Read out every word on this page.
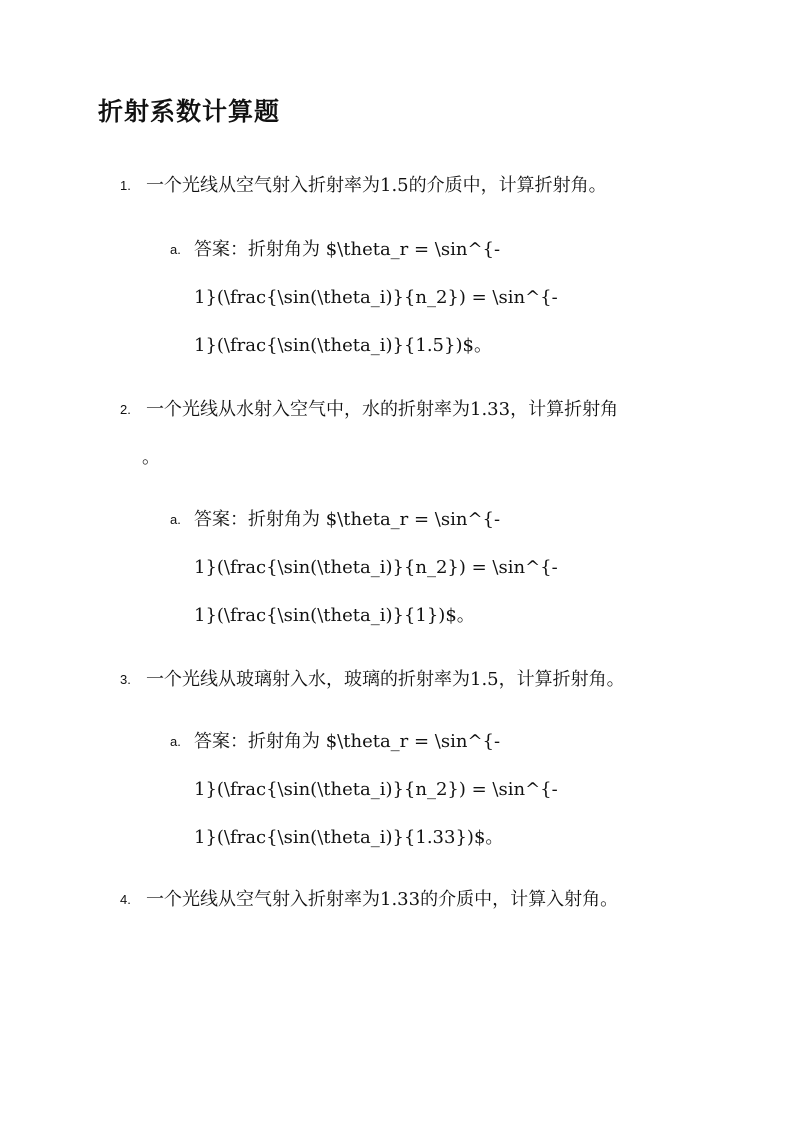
折射系数计算题
1. 一个光线从空气射入折射率为1.5的介质中，计算折射角。
a. 答案：折射角为 $\theta_r = \sin^{-
1}(\frac{\sin(\theta_i)}{n_2}) = \sin^{-
1}(\frac{\sin(\theta_i)}{1.5})$。
2. 一个光线从水射入空气中，水的折射率为1.33，计算折射角
。
a. 答案：折射角为 $\theta_r = \sin^{-
1}(\frac{\sin(\theta_i)}{n_2}) = \sin^{-
1}(\frac{\sin(\theta_i)}{1})$。
3. 一个光线从玻璃射入水，玻璃的折射率为1.5，计算折射角。
a. 答案：折射角为 $\theta_r = \sin^{-
1}(\frac{\sin(\theta_i)}{n_2}) = \sin^{-
1}(\frac{\sin(\theta_i)}{1.33})$。
4. 一个光线从空气射入折射率为1.33的介质中，计算入射角。
